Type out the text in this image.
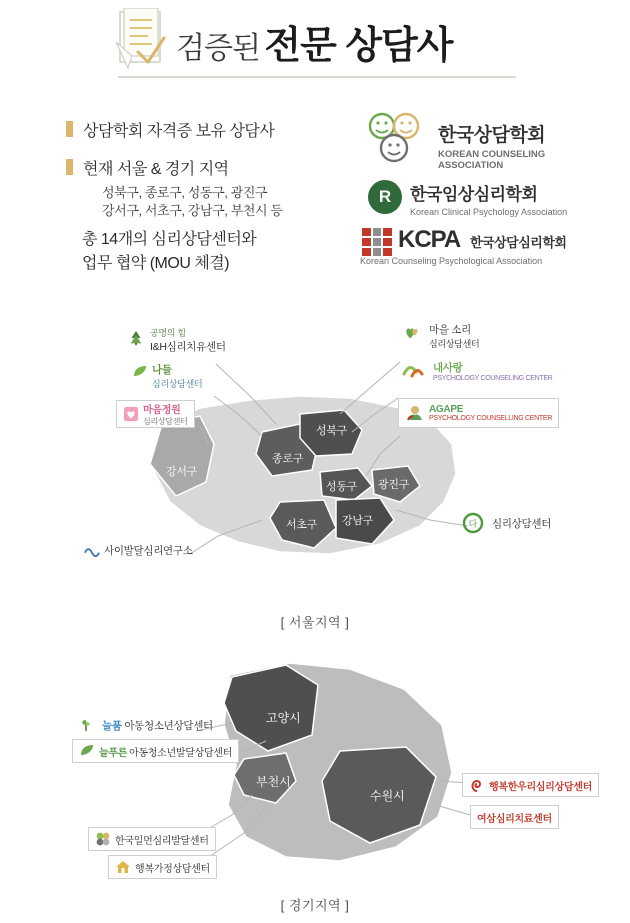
검증된 전문 상담사
상담학회 자격증 보유 상담사
현재 서울 & 경기 지역
성북구, 종로구, 성동구, 광진구
강서구, 서초구, 강남구, 부천시 등
총 14개의 심리상담센터와
업무 협약 (MOU 체결)
한국상담학회
KOREAN COUNSELING ASSOCIATION
R	한국임상심리학회
Korean Clinical Psychology Association
KCPA 한국상담심리학회
Korean Counseling Psychological Association
강서구
종로구
성북구
성동구 광진구
서초구 강남구
공명의 힘
I&H심리치유센터
나들
심리상담센터
마음정원
심리상담센터
사이발달심리연구소
마을 소리
심리상담센터
내사랑
PSYCHOLOGY COUNSELING CENTER
AGAPE
PSYCHOLOGY COUNSELLING CENTER
다 심리상담센터
[ 서울지역 ]
고양시
부천시
수원시
늘품 아동청소년상담센터
늘푸른 아동청소년발달상담센터
한국일먼심리발달센터
행복가정상담센터
행복한우리심리상담센터
여삼심리치료센터
[ 경기지역 ]
